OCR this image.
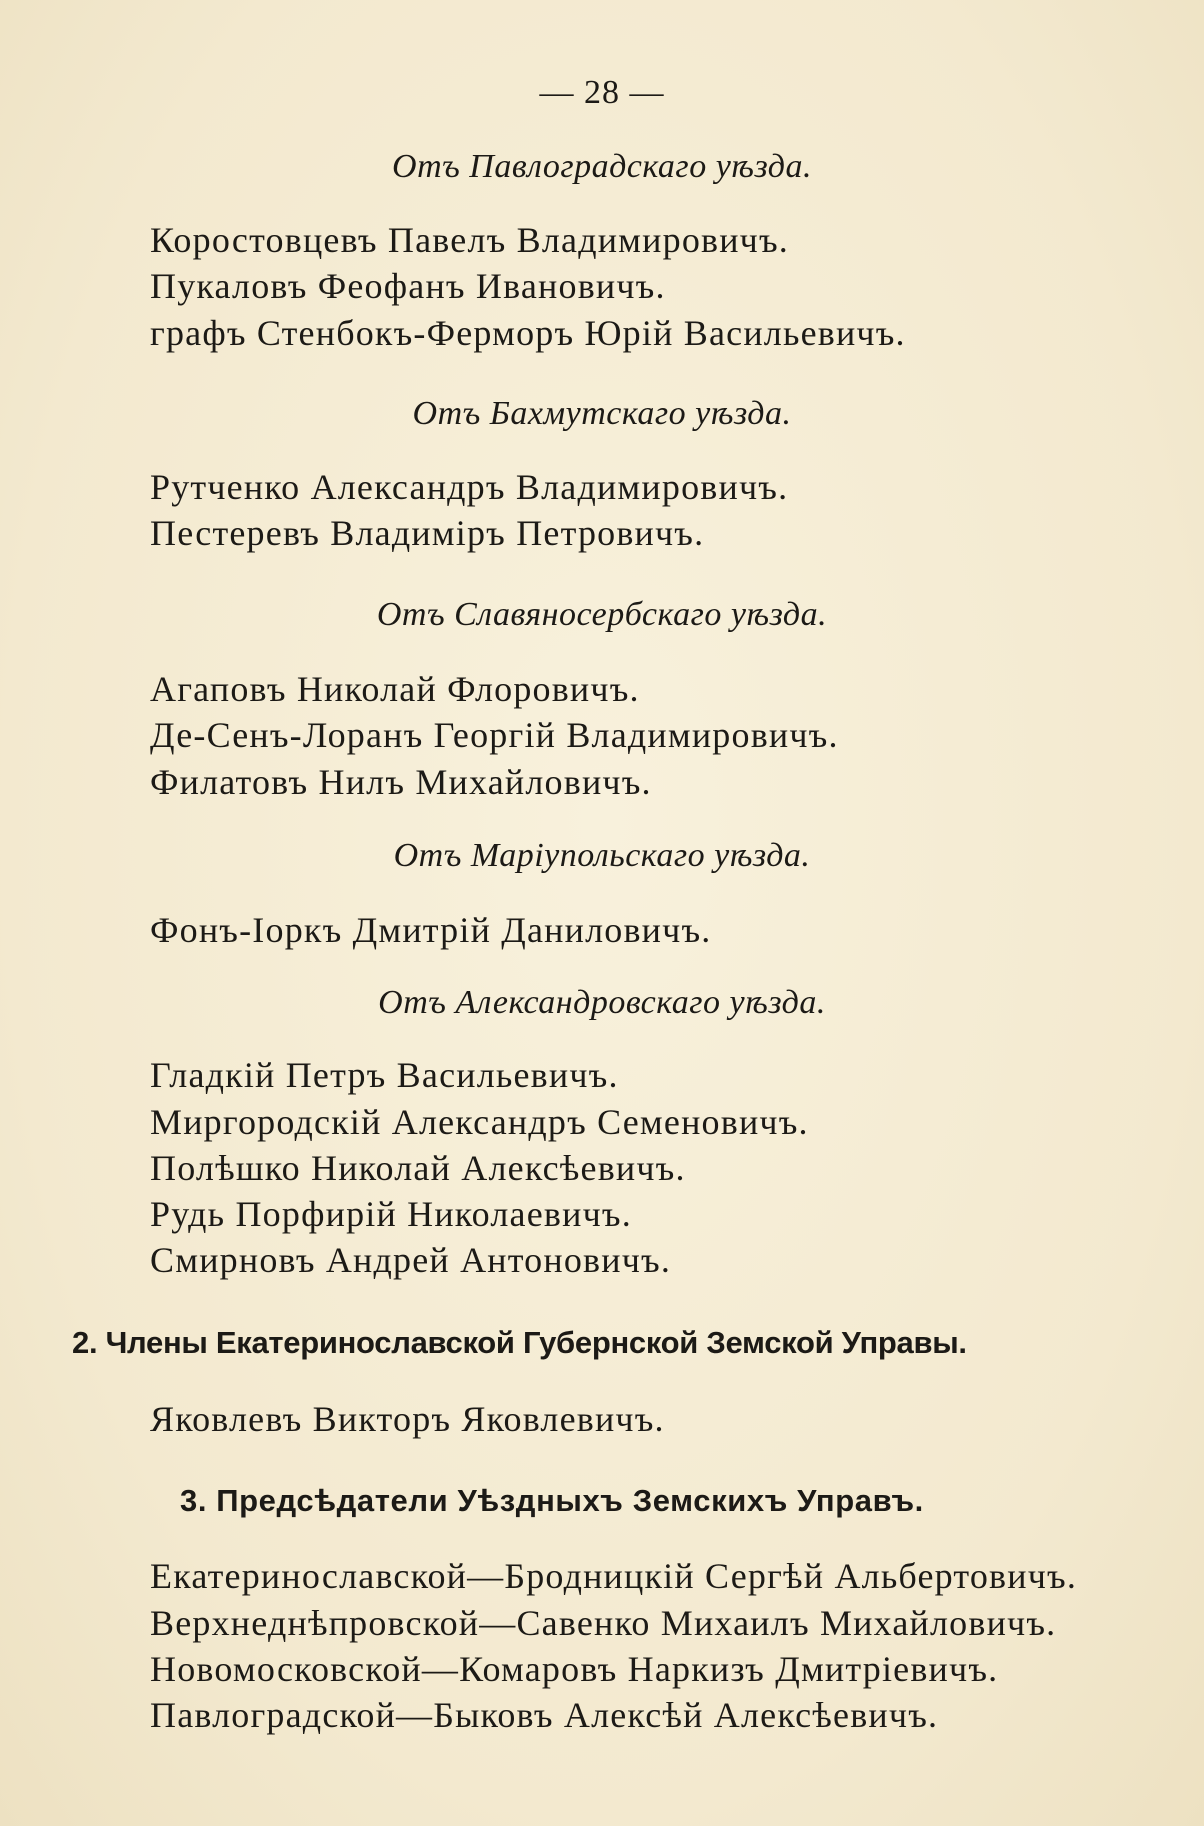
— 28 —
Отъ Павлоградскаго уѣзда.
Коростовцевъ Павелъ Владимировичъ.
Пукаловъ Феофанъ Ивановичъ.
графъ Стенбокъ-Ферморъ Юрій Васильевичъ.
Отъ Бахмутскаго уѣзда.
Рутченко Александръ Владимировичъ.
Пестеревъ Владиміръ Петровичъ.
Отъ Славяносербскаго уѣзда.
Агаповъ Николай Флоровичъ.
Де-Сенъ-Лоранъ Георгій Владимировичъ.
Филатовъ Нилъ Михайловичъ.
Отъ Маріупольскаго уѣзда.
Фонъ-Іоркъ Дмитрій Даниловичъ.
Отъ Александровскаго уѣзда.
Гладкій Петръ Васильевичъ.
Миргородскій Александръ Семеновичъ.
Полѣшко Николай Алексѣевичъ.
Рудь Порфирій Николаевичъ.
Смирновъ Андрей Антоновичъ.
2. Члены Екатеринославской Губернской Земской Управы.
Яковлевъ Викторъ Яковлевичъ.
3. Предсѣдатели Уѣздныхъ Земскихъ Управъ.
Екатеринославской—Бродницкій Сергѣй Альбертовичъ.
Верхнеднѣпровской—Савенко Михаилъ Михайловичъ.
Новомосковской—Комаровъ Наркизъ Дмитріевичъ.
Павлоградской—Быковъ Алексѣй Алексѣевичъ.
